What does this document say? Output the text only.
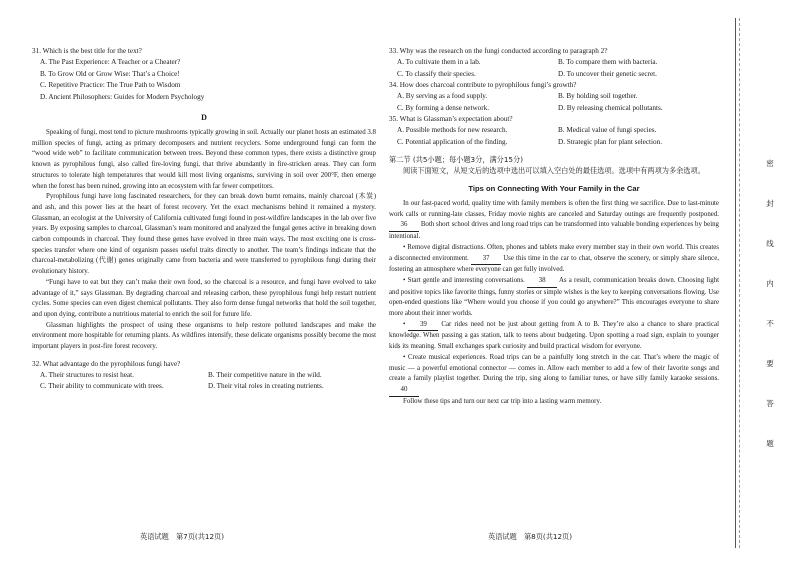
31. Which is the best title for the text?
A. The Past Experience: A Teacher or a Cheater?
B. To Grow Old or Grow Wise: That’s a Choice!
C. Repetitive Practice: The True Path to Wisdom
D. Ancient Philosophers: Guides for Modern Psychology
D

Speaking of fungi, most tend to picture mushrooms typically growing in soil. Actually our planet hosts an estimated 3.8 million species of fungi, acting as primary decomposers and nutrient recyclers. Some underground fungi can form the “wood wide web” to facilitate communication between trees. Beyond these common types, there exists a distinctive group known as pyrophilous fungi, also called fire-loving fungi, that thrive abundantly in fire-stricken areas. They can form structures to tolerate high temperatures that would kill most living organisms, surviving in soil over 200°F, then emerge when the forest has been ruined, growing into an ecosystem with far fewer competitors.

Pyrophilous fungi have long fascinated researchers, for they can break down burnt remains, mainly charcoal (木炭) and ash, and this power lies at the heart of forest recovery. Yet the exact mechanisms behind it remained a mystery. Glassman, an ecologist at the University of California cultivated fungi found in post-wildfire landscapes in the lab over five years. By exposing samples to charcoal, Glassman’s team monitored and analyzed the fungal genes active in breaking down carbon compounds in charcoal. They found these genes have evolved in three main ways. The most exciting one is cross-species transfer where one kind of organism passes useful traits directly to another. The team’s findings indicate that the charcoal-metabolizing (代谢) genes originally came from bacteria and were transferred to pyrophilous fungi during their evolutionary history.

“Fungi have to eat but they can’t make their own food, so the charcoal is a resource, and fungi have evolved to take advantage of it,” says Glassman. By degrading charcoal and releasing carbon, these pyrophilous fungi help restart nutrient cycles. Some species can even digest chemical pollutants. They also form dense fungal networks that hold the soil together, and upon dying, contribute a nutritious material to enrich the soil for future life.

Glassman highlights the prospect of using these organisms to help restore polluted landscapes and make the environment more hospitable for returning plants. As wildfires intensify, these delicate organisms possibly become the most important players in post-fire forest recovery.

32. What advantage do the pyrophilous fungi have?
A. Their structures to resist heat.	B. Their competitive nature in the wild.
C. Their ability to communicate with trees.	D. Their vital roles in creating nutrients.
英语试题　第7页(共12页)
33. Why was the research on the fungi conducted according to paragraph 2?
A. To cultivate them in a lab.	B. To compare them with bacteria.
C. To classify their species.	D. To uncover their genetic secret.
34. How does charcoal contribute to pyrophilous fungi’s growth?
A. By serving as a food supply.	B. By holding soil together.
C. By forming a dense network.	D. By releasing chemical pollutants.
35. What is Glassman’s expectation about?
A. Possible methods for new research.	B. Medical value of fungi species.
C. Potential application of the finding.	D. Strategic plan for plant selection.
第二节 (共5小题；每小题3分，满分15分)
阅读下面短文，从短文后的选项中选出可以填入空白处的最佳选项。选项中有两项为多余选项。
Tips on Connecting With Your Family in the Car

In our fast-paced world, quality time with family members is often the first thing we sacrifice. Due to last-minute work calls or running-late classes, Friday movie nights are canceled and Saturday outings are frequently postponed. 36 Both short school drives and long road trips can be transformed into valuable bonding experiences by being intentional.

• Remove digital distractions. Often, phones and tablets make every member stay in their own world. This creates a disconnected environment. 37 Use this time in the car to chat, observe the scenery, or simply share silence, fostering an atmosphere where everyone can get fully involved.

• Start gentle and interesting conversations. 38 As a result, communication breaks down. Choosing light and positive topics like favorite things, funny stories or simple wishes is the key to keeping conversations flowing. Use open-ended questions like “Where would you choose if you could go anywhere?” This encourages everyone to share more about their inner worlds.

• 39 Car rides need not be just about getting from A to B. They’re also a chance to share practical knowledge. When passing a gas station, talk to teens about budgeting. Upon spotting a road sign, explain to younger kids its meaning. Small exchanges spark curiosity and build practical wisdom for everyone.

• Create musical experiences. Road trips can be a painfully long stretch in the car. That’s where the magic of music — a powerful emotional connector — comes in. Allow each member to add a few of their favorite songs and create a family playlist together. During the trip, sing along to familiar tunes, or have silly family karaoke sessions. 40

Follow these tips and turn our next car trip into a lasting warm memory.

英语试题　第8页(共12页)
密
封
线
内
不
要
答
题
